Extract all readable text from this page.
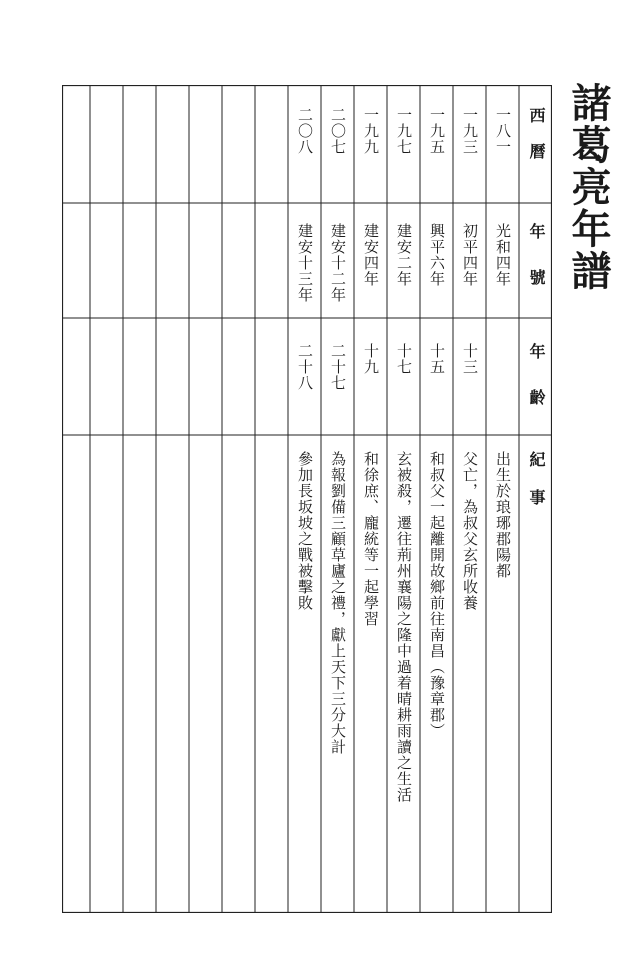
諸葛亮年譜
西曆
年號
年齡
紀事
一八一
光和四年
出生於琅琊郡陽都
一九三
初平四年
十三
父亡，為叔父玄所收養
一九五
興平六年
十五
和叔父一起離開故鄉前往南昌（豫章郡）
一九七
建安二年
十七
玄被殺，遷往荊州襄陽之隆中過着晴耕雨讀之生活
一九九
建安四年
十九
和徐庶、龐統等一起學習
二〇七
建安十二年
二十七
為報劉備三顧草廬之禮，獻上天下三分大計
二〇八
建安十三年
二十八
參加長坂坡之戰被擊敗
